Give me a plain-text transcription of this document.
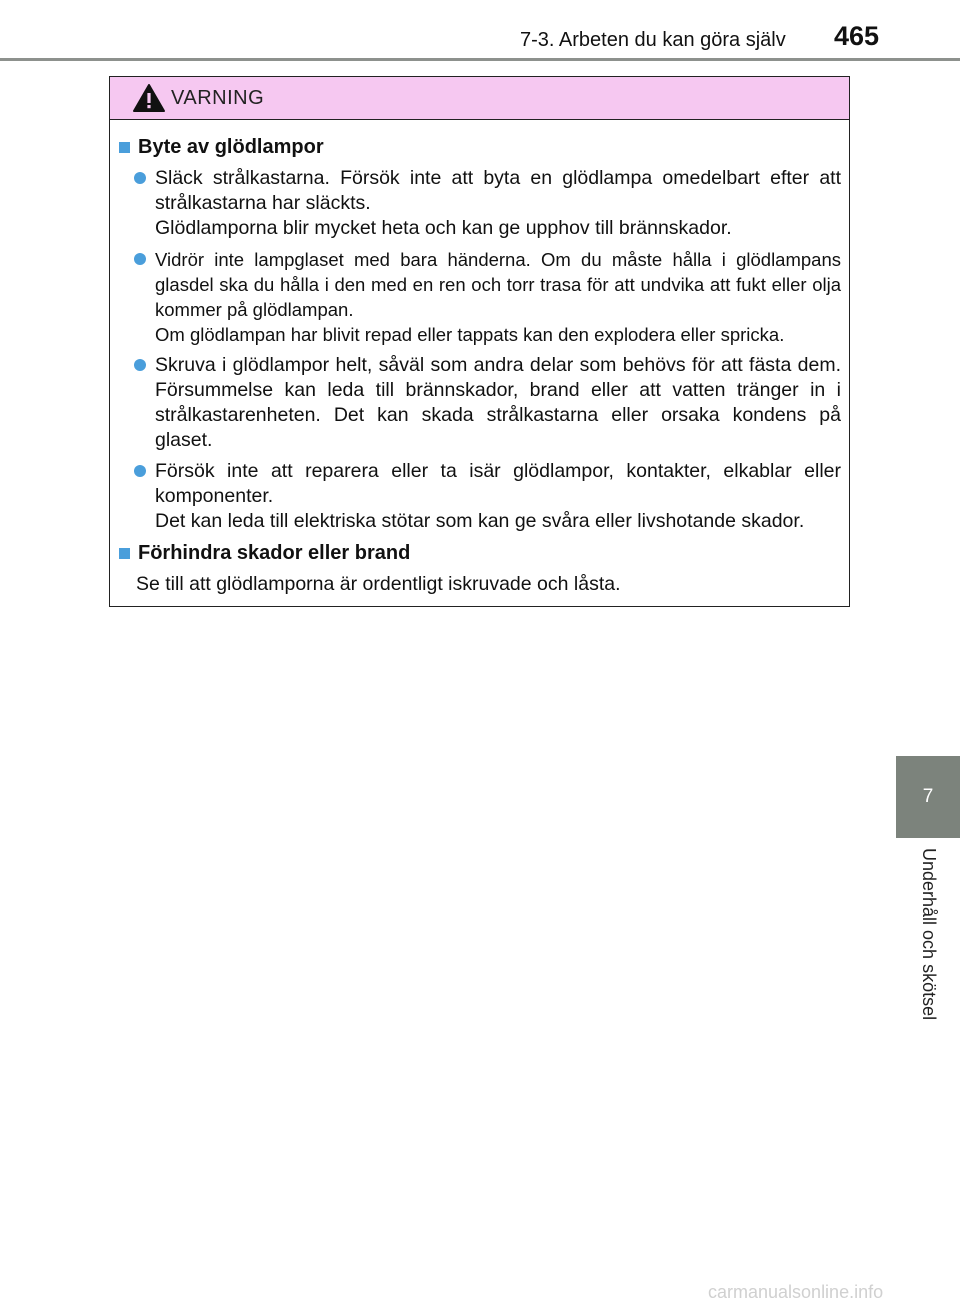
7-3. Arbeten du kan göra själv 465
7
Underhåll och skötsel
VARNING
Byte av glödlampor
Släck strålkastarna. Försök inte att byta en glödlampa omedelbart efter att strålkastarna har släckts.
Glödlamporna blir mycket heta och kan ge upphov till brännskador.
Vidrör inte lampglaset med bara händerna. Om du måste hålla i glödlampans glasdel ska du hålla i den med en ren och torr trasa för att undvika att fukt eller olja kommer på glödlampan.
Om glödlampan har blivit repad eller tappats kan den explodera eller spricka.
Skruva i glödlampor helt, såväl som andra delar som behövs för att fästa dem. Försummelse kan leda till brännskador, brand eller att vatten tränger in i strålkastarenheten. Det kan skada strålkastarna eller orsaka kondens på glaset.
Försök inte att reparera eller ta isär glödlampor, kontakter, elkablar eller komponenter.
Det kan leda till elektriska stötar som kan ge svåra eller livshotande skador.
Förhindra skador eller brand
Se till att glödlamporna är ordentligt iskruvade och låsta.
carmanualsonline.info
